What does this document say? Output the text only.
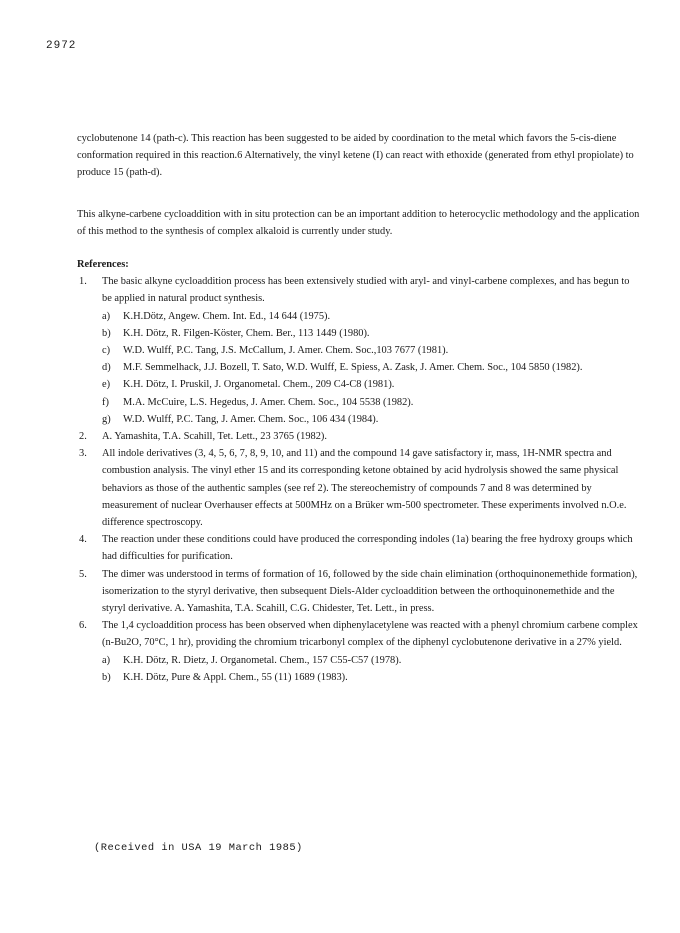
2972
cyclobutenone 14 (path-c). This reaction has been suggested to be aided by coordination to the metal which favors the 5-cis-diene conformation required in this reaction.6 Alternatively, the vinyl ketene (I) can react with ethoxide (generated from ethyl propiolate) to produce 15 (path-d).
This alkyne-carbene cycloaddition with in situ protection can be an important addition to heterocyclic methodology and the application of this method to the synthesis of complex alkaloid is currently under study.
References:
1. The basic alkyne cycloaddition process has been extensively studied with aryl- and vinyl-carbene complexes, and has begun to be applied in natural product synthesis.
a) K.H.Dötz, Angew. Chem. Int. Ed., 14 644 (1975).
b) K.H. Dötz, R. Filgen-Köster, Chem. Ber., 113 1449 (1980).
c) W.D. Wulff, P.C. Tang, J.S. McCallum, J. Amer. Chem. Soc.,103 7677 (1981).
d) M.F. Semmelhack, J.J. Bozell, T. Sato, W.D. Wulff, E. Spiess, A. Zask, J. Amer. Chem. Soc., 104 5850 (1982).
e) K.H. Dötz, I. Pruskil, J. Organometal. Chem., 209 C4-C8 (1981).
f) M.A. McCuire, L.S. Hegedus, J. Amer. Chem. Soc., 104 5538 (1982).
g) W.D. Wulff, P.C. Tang, J. Amer. Chem. Soc., 106 434 (1984).
2. A. Yamashita, T.A. Scahill, Tet. Lett., 23 3765 (1982).
3. All indole derivatives (3, 4, 5, 6, 7, 8, 9, 10, and 11) and the compound 14 gave satisfactory ir, mass, 1H-NMR spectra and combustion analysis. The vinyl ether 15 and its corresponding ketone obtained by acid hydrolysis showed the same physical behaviors as those of the authentic samples (see ref 2). The stereochemistry of compounds 7 and 8 was determined by measurement of nuclear Overhauser effects at 500MHz on a Brüker wm-500 spectrometer. These experiments involved n.O.e. difference spectroscopy.
4. The reaction under these conditions could have produced the corresponding indoles (1a) bearing the free hydroxy groups which had difficulties for purification.
5. The dimer was understood in terms of formation of 16, followed by the side chain elimination (orthoquinonemethide formation), isomerization to the styryl derivative, then subsequent Diels-Alder cycloaddition between the orthoquinonemethide and the styryl derivative. A. Yamashita, T.A. Scahill, C.G. Chidester, Tet. Lett., in press.
6. The 1,4 cycloaddition process has been observed when diphenylacetylene was reacted with a phenyl chromium carbene complex (n-Bu2O, 70°C, 1 hr), providing the chromium tricarbonyl complex of the diphenyl cyclobutenone derivative in a 27% yield.
a) K.H. Dötz, R. Dietz, J. Organometal. Chem., 157 C55-C57 (1978).
b) K.H. Dötz, Pure & Appl. Chem., 55 (11) 1689 (1983).
(Received in USA 19 March 1985)
